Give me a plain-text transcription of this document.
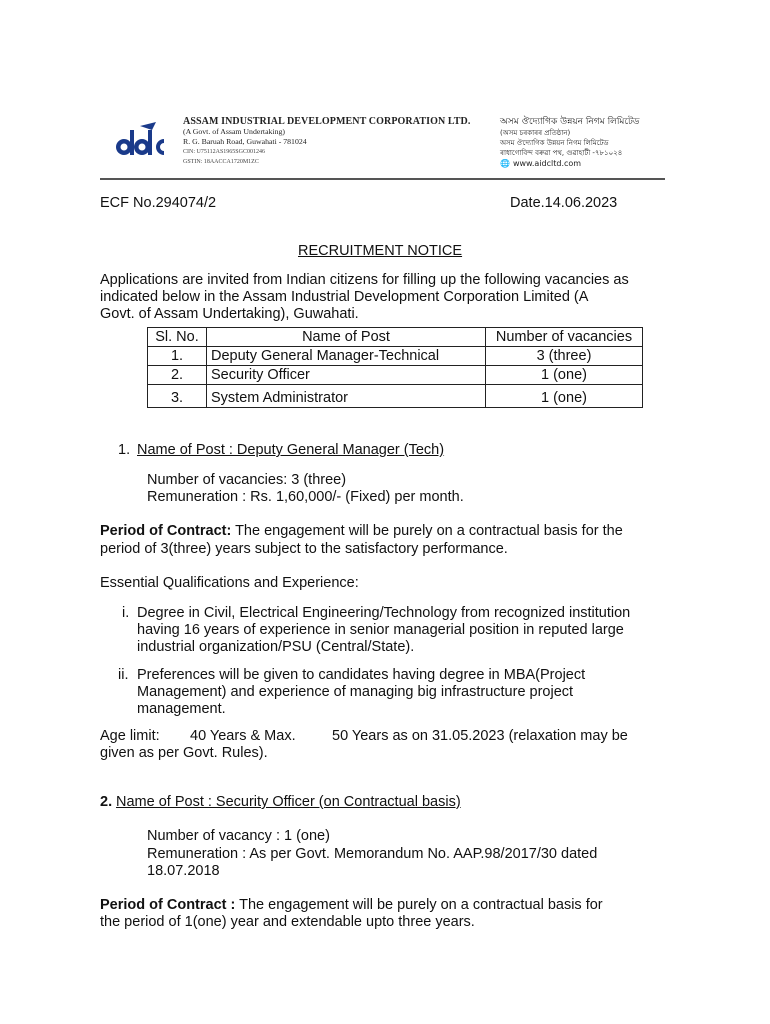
ASSAM INDUSTRIAL DEVELOPMENT CORPORATION LTD.
(A Govt. of Assam Undertaking)
R. G. Baruah Road, Guwahati - 781024
CIN: U75112AS1965SGC001246
GSTIN: 18AACCA1720M1ZC
অসম ঔদ্যোগিক উন্নয়ন নিগম লিমিটেড
(অসম চৰকাৰৰ প্ৰতিষ্ঠান)
অসম ঔদ্যোগিক উন্নয়ন নিগম লিমিটেড
ৰাধাগোবিন্দ বৰুৱা পথ, গুৱাহাটী -৭৮১০২৪
🌐 www.aidcltd.com
ECF No.294074/2	Date.14.06.2023
RECRUITMENT NOTICE
Applications are invited from Indian citizens for filling up the following vacancies as
indicated below in the Assam Industrial Development Corporation Limited (A
Govt. of Assam Undertaking), Guwahati.
Sl. No.	Name of Post	Number of vacancies
1.	Deputy General Manager-Technical	3 (three)
2.	Security Officer	1 (one)
3.	System Administrator	1 (one)
1. Name of Post : Deputy General Manager (Tech)
Number of vacancies: 3 (three)
Remuneration : Rs. 1,60,000/- (Fixed) per month.
Period of Contract: The engagement will be purely on a contractual basis for the
period of 3(three) years subject to the satisfactory performance.
Essential Qualifications and Experience:
i. Degree in Civil, Electrical Engineering/Technology from recognized institution
having 16 years of experience in senior managerial position in reputed large
industrial organization/PSU (Central/State).
ii. Preferences will be given to candidates having degree in MBA(Project
Management) and experience of managing big infrastructure project
management.
Age limit: 40 Years & Max.	50 Years as on 31.05.2023 (relaxation may be
given as per Govt. Rules).
2. Name of Post : Security Officer (on Contractual basis)
Number of vacancy : 1 (one)
Remuneration : As per Govt. Memorandum No. AAP.98/2017/30 dated
18.07.2018
Period of Contract : The engagement will be purely on a contractual basis for
the period of 1(one) year and extendable upto three years.
